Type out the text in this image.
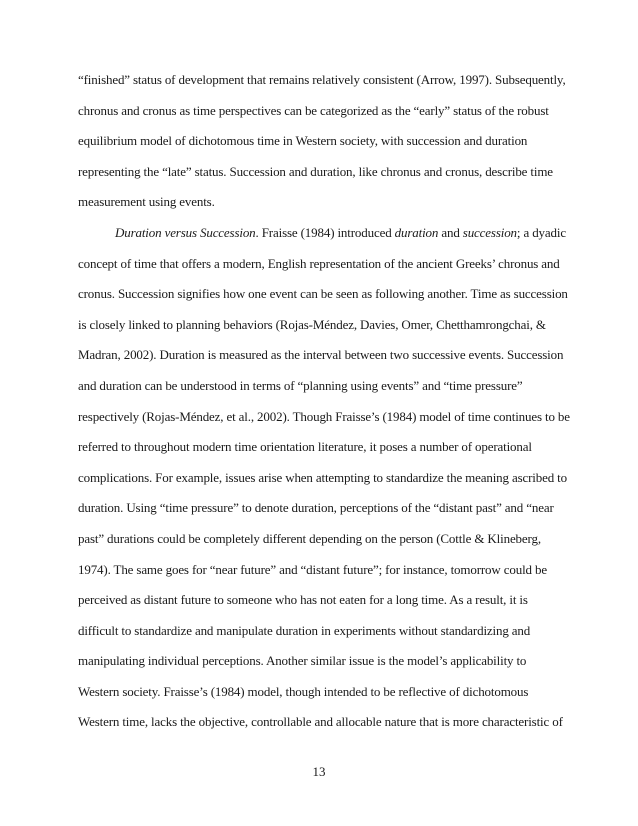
“finished” status of development that remains relatively consistent (Arrow, 1997). Subsequently,
chronus and cronus as time perspectives can be categorized as the “early” status of the robust
equilibrium model of dichotomous time in Western society, with succession and duration
representing the “late” status. Succession and duration, like chronus and cronus, describe time
measurement using events.
Duration versus Succession. Fraisse (1984) introduced duration and succession; a dyadic
concept of time that offers a modern, English representation of the ancient Greeks’ chronus and
cronus. Succession signifies how one event can be seen as following another. Time as succession
is closely linked to planning behaviors (Rojas-Méndez, Davies, Omer, Chetthamrongchai, &
Madran, 2002). Duration is measured as the interval between two successive events. Succession
and duration can be understood in terms of “planning using events” and “time pressure”
respectively (Rojas-Méndez, et al., 2002). Though Fraisse’s (1984) model of time continues to be
referred to throughout modern time orientation literature, it poses a number of operational
complications. For example, issues arise when attempting to standardize the meaning ascribed to
duration. Using “time pressure” to denote duration, perceptions of the “distant past” and “near
past” durations could be completely different depending on the person (Cottle & Klineberg,
1974). The same goes for “near future” and “distant future”; for instance, tomorrow could be
perceived as distant future to someone who has not eaten for a long time. As a result, it is
difficult to standardize and manipulate duration in experiments without standardizing and
manipulating individual perceptions. Another similar issue is the model’s applicability to
Western society. Fraisse’s (1984) model, though intended to be reflective of dichotomous
Western time, lacks the objective, controllable and allocable nature that is more characteristic of
13
